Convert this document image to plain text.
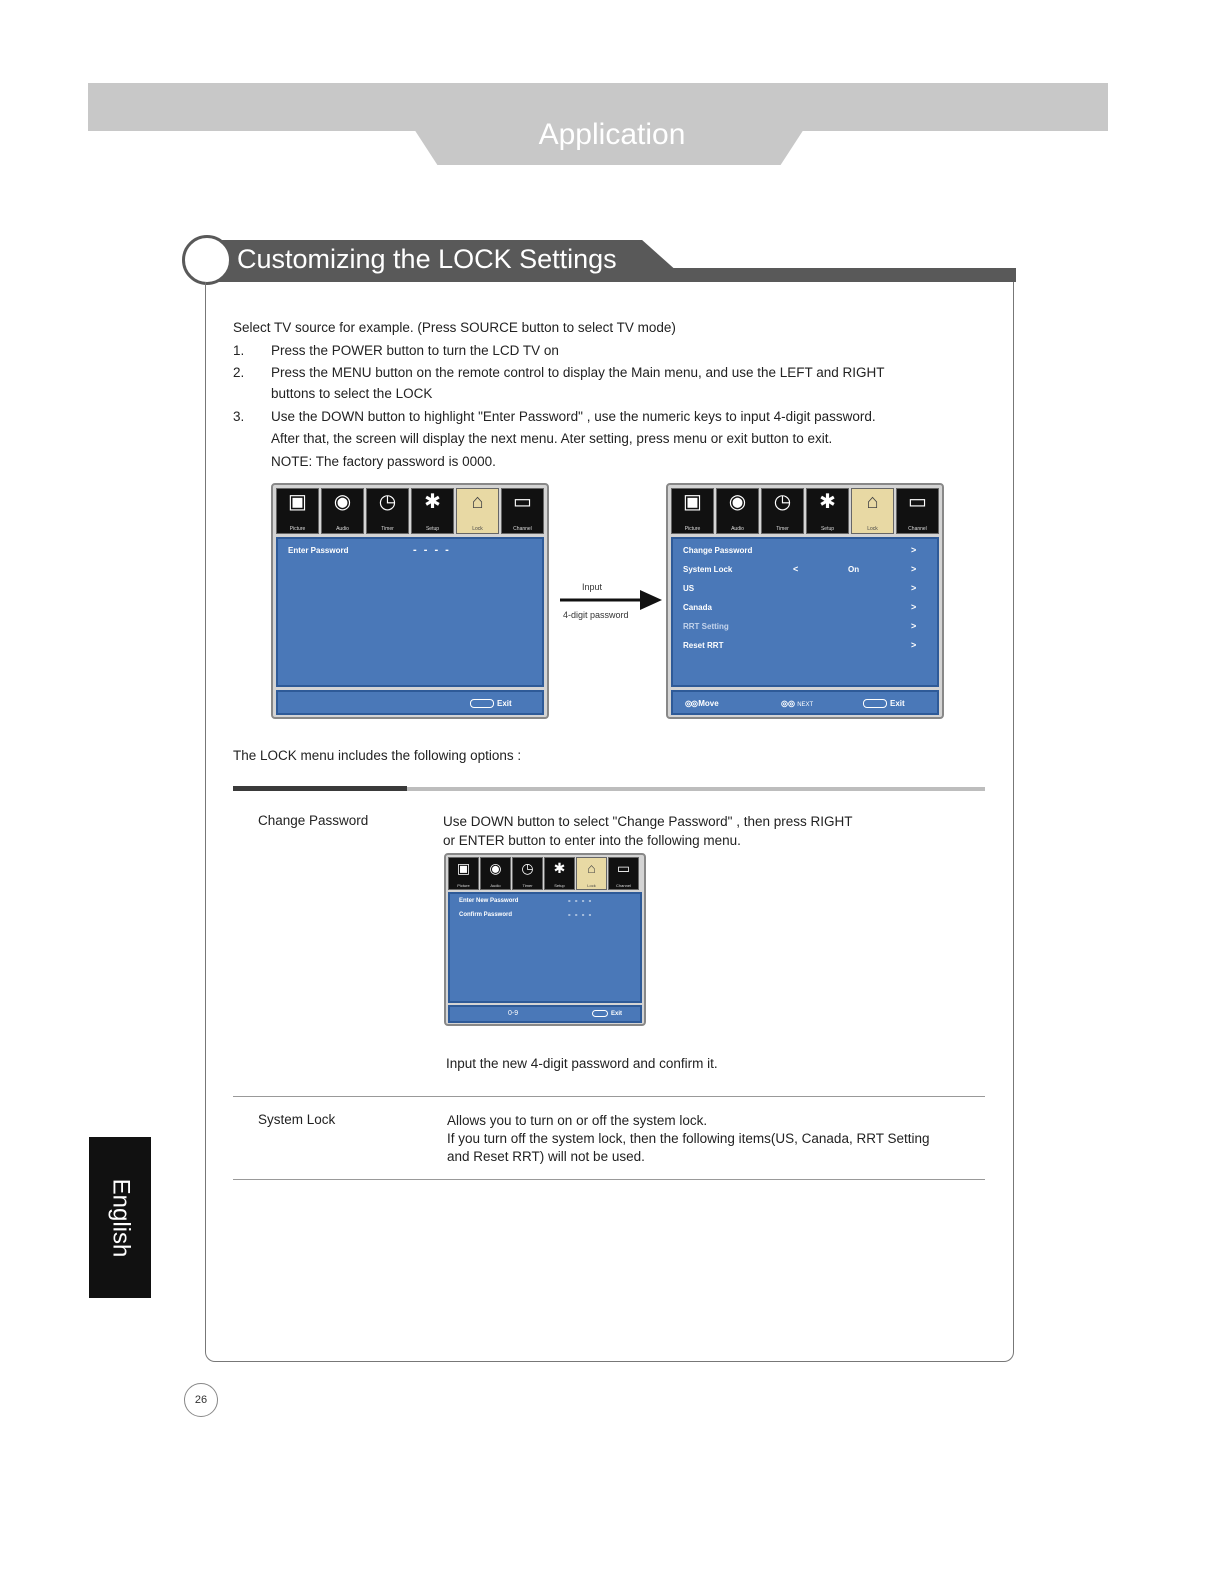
Application
Customizing the LOCK Settings
Select TV source for example. (Press SOURCE button to select TV mode)
1. Press the POWER button to turn the LCD TV on
2. Press the MENU button on the remote control to display the Main menu, and use the LEFT and RIGHT
buttons to select the LOCK
3. Use the DOWN button to highlight "Enter Password" , use the numeric keys to input 4-digit password.
After that, the screen will display the next menu. Ater setting, press menu or exit button to exit.
NOTE: The factory password is 0000.
▣
Picture
◉
Audio
◷
Timer
✱
Setup
⌂
Lock
▭
Channel
Enter Password	- - - -
Exit
Input
4-digit password
▣
Picture
◉
Audio
◷
Timer
✱
Setup
⌂
Lock
▭
Channel
Change Password	>
System Lock	<	On	>
US	>
Canada	>
RRT Setting	>
Reset RRT	>
◎◎ Move	◎◎ NEXT	Exit
The LOCK menu includes the following options :
Change Password	Use DOWN button to select "Change Password" , then press RIGHT
or ENTER button to enter into the following menu.
▣
Picture
◉
Audio
◷
Timer
✱
Setup
⌂
Lock
▭
Channel
Enter New Password	- - - -
Confirm Password	- - - -
0-9	Exit
Input the new 4-digit password and confirm it.
System Lock	Allows you to turn on or off the system lock.
If you turn off the system lock, then the following items(US, Canada, RRT Setting
and Reset RRT) will not be used.
English
26
